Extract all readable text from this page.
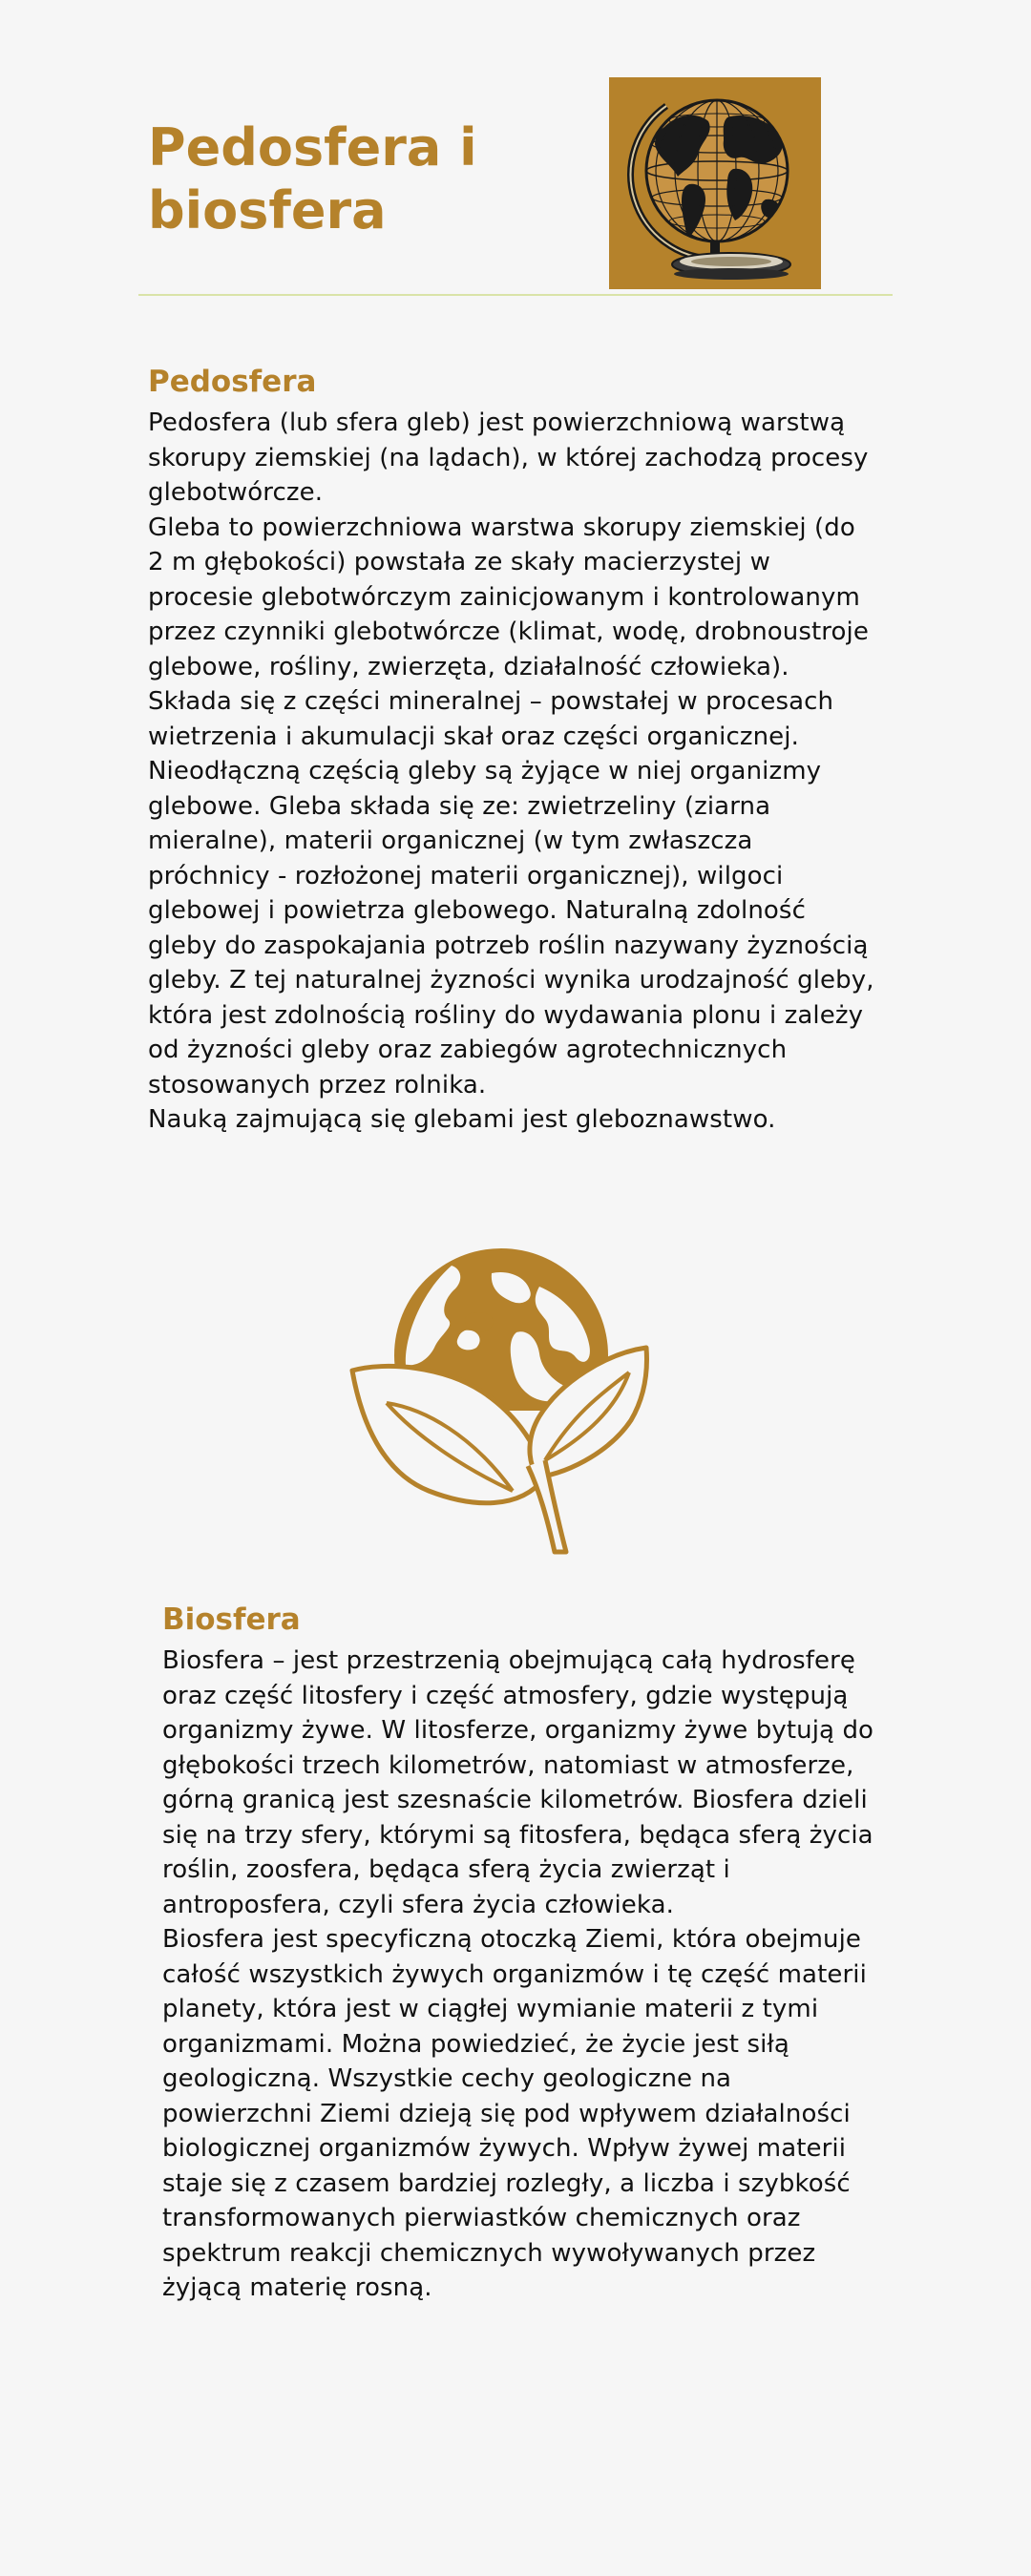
Pedosfera i biosfera
Pedosfera

Pedosfera (lub sfera gleb) jest powierzchniową warstwą skorupy ziemskiej (na lądach), w której zachodzą procesy glebotwórcze.

Gleba to powierzchniowa warstwa skorupy ziemskiej (do 2 m głębokości) powstała ze skały macierzystej w procesie glebotwórczym zainicjowanym i kontrolowanym przez czynniki glebotwórcze (klimat, wodę, drobnoustroje glebowe, rośliny, zwierzęta, działalność człowieka). Składa się z części mineralnej – powstałej w procesach wietrzenia i akumulacji skał oraz części organicznej. Nieodłączną częścią gleby są żyjące w niej organizmy glebowe. Gleba składa się ze: zwietrzeliny (ziarna mieralne), materii organicznej (w tym zwłaszcza próchnicy - rozłożonej materii organicznej), wilgoci glebowej i powietrza glebowego. Naturalną zdolność gleby do zaspokajania potrzeb roślin nazywany żyznością gleby. Z tej naturalnej żyzności wynika urodzajność gleby, która jest zdolnością rośliny do wydawania plonu i zależy od żyzności gleby oraz zabiegów agrotechnicznych stosowanych przez rolnika.

Nauką zajmującą się glebami jest gleboznawstwo.

Biosfera

Biosfera – jest przestrzenią obejmującą całą hydrosferę oraz część litosfery i część atmosfery, gdzie występują organizmy żywe. W litosferze, organizmy żywe bytują do głębokości trzech kilometrów, natomiast w atmosferze, górną granicą jest szesnaście kilometrów. Biosfera dzieli się na trzy sfery, którymi są fitosfera, będąca sferą życia roślin, zoosfera, będąca sferą życia zwierząt i antroposfera, czyli sfera życia człowieka.

Biosfera jest specyficzną otoczką Ziemi, która obejmuje całość wszystkich żywych organizmów i tę część materii planety, która jest w ciągłej wymianie materii z tymi organizmami. Można powiedzieć, że życie jest siłą geologiczną. Wszystkie cechy geologiczne na powierzchni Ziemi dzieją się pod wpływem działalności biologicznej organizmów żywych. Wpływ żywej materii staje się z czasem bardziej rozległy, a liczba i szybkość transformowanych pierwiastków chemicznych oraz spektrum reakcji chemicznych wywoływanych przez żyjącą materię rosną.
